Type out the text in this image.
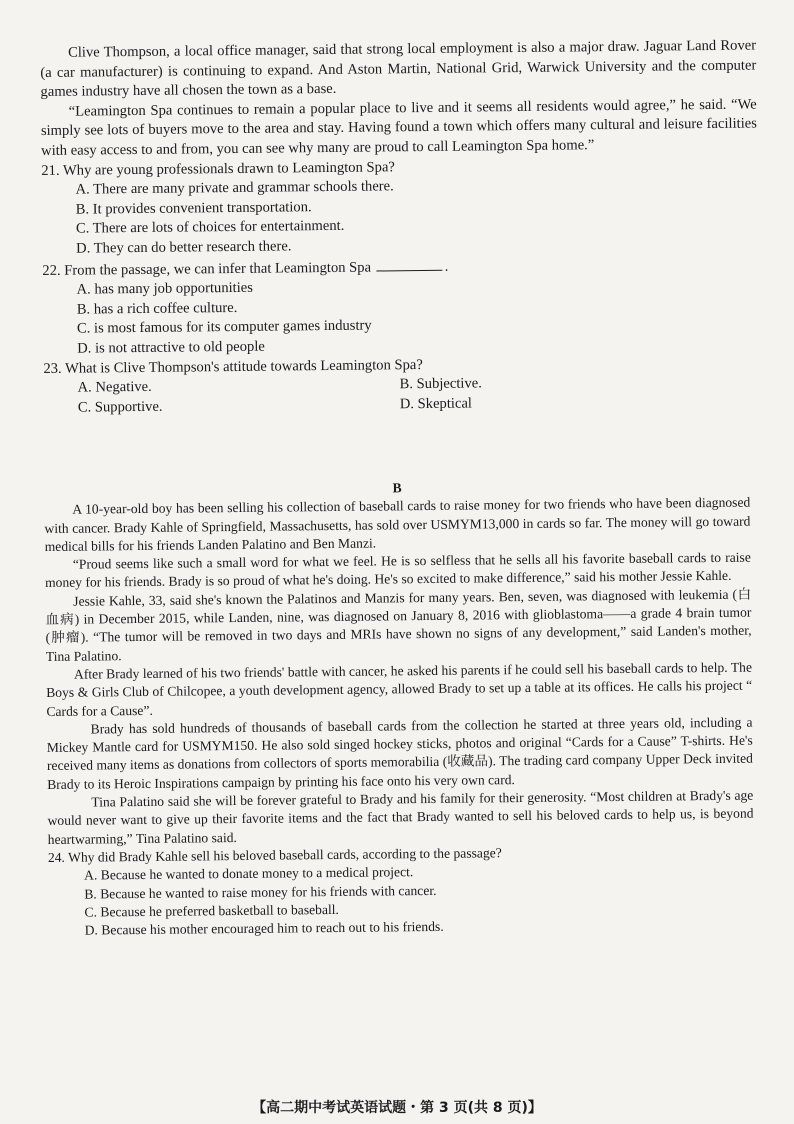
Clive Thompson, a local office manager, said that strong local employment is also a major draw. Jaguar Land Rover (a car manufacturer) is continuing to expand. And Aston Martin, National Grid, Warwick University and the computer games industry have all chosen the town as a base.

“Leamington Spa continues to remain a popular place to live and it seems all residents would agree,” he said. “We simply see lots of buyers move to the area and stay. Having found a town which offers many cultural and leisure facilities with easy access to and from, you can see why many are proud to call Leamington Spa home.”

21. Why are young professionals drawn to Leamington Spa?

A. There are many private and grammar schools there.

B. It provides convenient transportation.

C. There are lots of choices for entertainment.

D. They can do better research there.

22. From the passage, we can infer that Leamington Spa	.

A. has many job opportunities

B. has a rich coffee culture.

C. is most famous for its computer games industry

D. is not attractive to old people

23. What is Clive Thompson's attitude towards Leamington Spa?

A. Negative.	B. Subjective.
C. Supportive.	D. Skeptical

B

A 10-year-old boy has been selling his collection of baseball cards to raise money for two friends who have been diagnosed with cancer. Brady Kahle of Springfield, Massachusetts, has sold over USMYM13,000 in cards so far. The money will go toward medical bills for his friends Landen Palatino and Ben Manzi.

“Proud seems like such a small word for what we feel. He is so selfless that he sells all his favorite baseball cards to raise money for his friends. Brady is so proud of what he's doing. He's so excited to make difference,” said his mother Jessie Kahle.

Jessie Kahle, 33, said she's known the Palatinos and Manzis for many years. Ben, seven, was diagnosed with leukemia (白血病) in December 2015, while Landen, nine, was diagnosed on January 8, 2016 with glioblastoma——a grade 4 brain tumor (肿瘤). “The tumor will be removed in two days and MRIs have shown no signs of any development,” said Landen's mother, Tina Palatino.

After Brady learned of his two friends' battle with cancer, he asked his parents if he could sell his baseball cards to help. The Boys & Girls Club of Chilcopee, a youth development agency, allowed Brady to set up a table at its offices. He calls his project “ Cards for a Cause”.

Brady has sold hundreds of thousands of baseball cards from the collection he started at three years old, including a Mickey Mantle card for USMYM150. He also sold singed hockey sticks, photos and original “Cards for a Cause” T-shirts. He's received many items as donations from collectors of sports memorabilia (收藏品). The trading card company Upper Deck invited Brady to its Heroic Inspirations campaign by printing his face onto his very own card.

Tina Palatino said she will be forever grateful to Brady and his family for their generosity. “Most children at Brady's age would never want to give up their favorite items and the fact that Brady wanted to sell his beloved cards to help us, is beyond heartwarming,” Tina Palatino said.

24. Why did Brady Kahle sell his beloved baseball cards, according to the passage?

A. Because he wanted to donate money to a medical project.

B. Because he wanted to raise money for his friends with cancer.

C. Because he preferred basketball to baseball.

D. Because his mother encouraged him to reach out to his friends.

【高二期中考试英语试题・第 3 页(共 8 页)】
